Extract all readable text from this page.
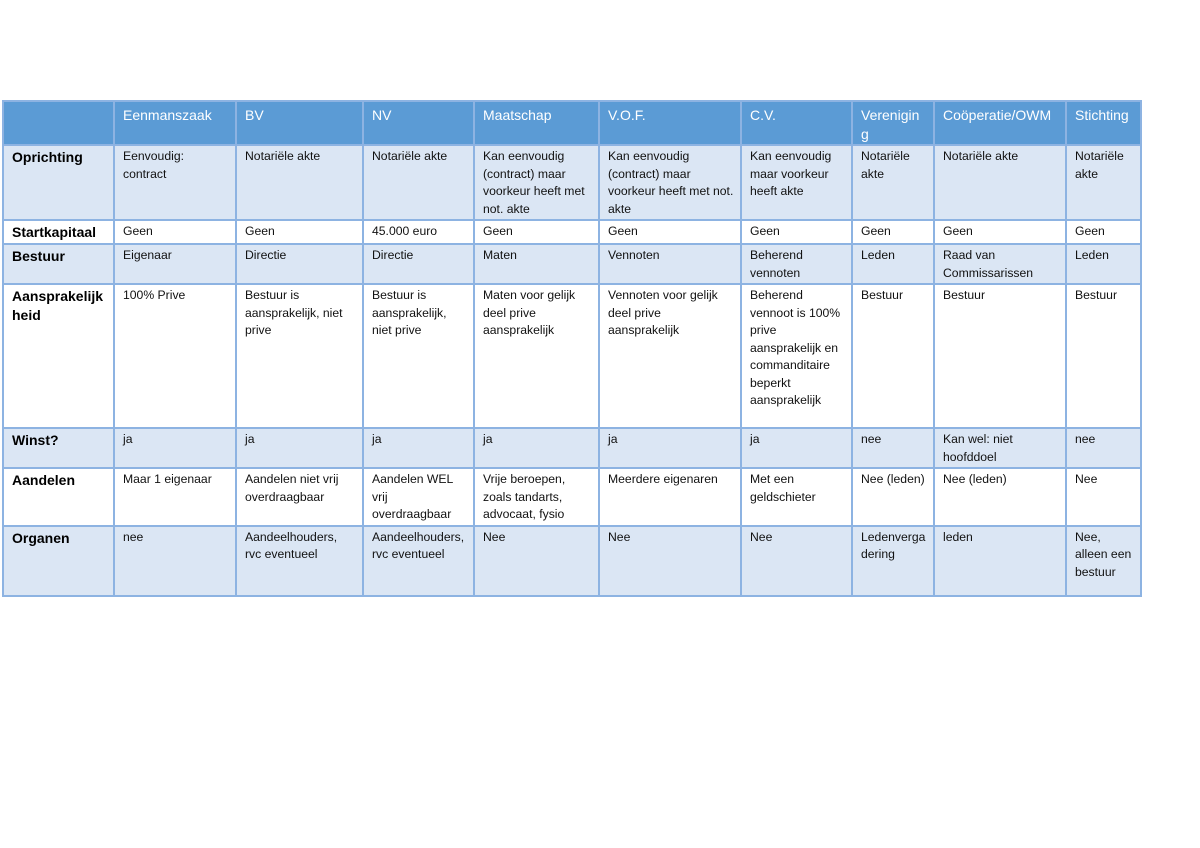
	Eenmanszaak	BV	NV	Maatschap	V.O.F.	C.V.	Vereniging	Coöperatie/OWM	Stichting
Oprichting	Eenvoudig: contract	Notariële akte	Notariële akte	Kan eenvoudig (contract) maar voorkeur heeft met not. akte	Kan eenvoudig (contract) maar voorkeur heeft met not. akte	Kan eenvoudig maar voorkeur heeft akte	Notariële akte	Notariële akte	Notariële akte
Startkapitaal	Geen	Geen	45.000 euro	Geen	Geen	Geen	Geen	Geen	Geen
Bestuur	Eigenaar	Directie	Directie	Maten	Vennoten	Beherend vennoten	Leden	Raad van Commissarissen	Leden
Aansprakelijkheid	100% Prive	Bestuur is aansprakelijk, niet prive	Bestuur is aansprakelijk, niet prive	Maten voor gelijk deel prive aansprakelijk	Vennoten voor gelijk deel prive aansprakelijk	Beherend vennoot is 100% prive aansprakelijk en commanditaire beperkt aansprakelijk	Bestuur	Bestuur	Bestuur
Winst?	ja	ja	ja	ja	ja	ja	nee	Kan wel: niet hoofddoel	nee
Aandelen	Maar 1 eigenaar	Aandelen niet vrij overdraagbaar	Aandelen WEL vrij overdraagbaar	Vrije beroepen, zoals tandarts, advocaat, fysio	Meerdere eigenaren	Met een geldschieter	Nee (leden)	Nee (leden)	Nee
Organen	nee	Aandeelhouders, rvc eventueel	Aandeelhouders, rvc eventueel	Nee	Nee	Nee	Ledenvergadering	leden	Nee, alleen een bestuur
